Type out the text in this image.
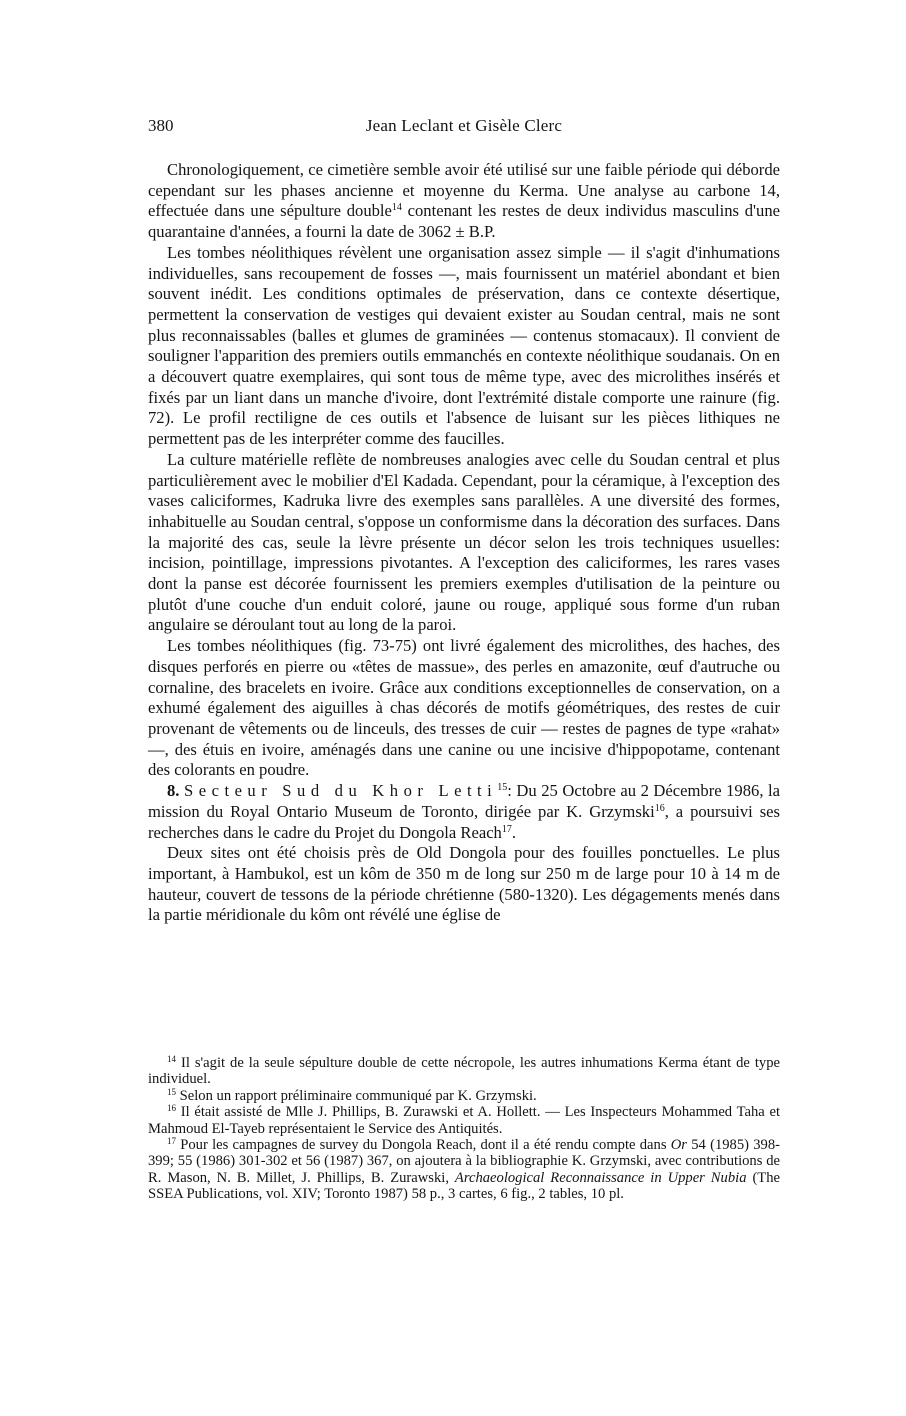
380	Jean Leclant et Gisèle Clerc

Chronologiquement, ce cimetière semble avoir été utilisé sur une faible période qui déborde cependant sur les phases ancienne et moyenne du Kerma. Une analyse au carbone 14, effectuée dans une sépulture double$^{14}$ contenant les restes de deux individus masculins d'une quarantaine d'années, a fourni la date de 3062 ± B.P.

Les tombes néolithiques révèlent une organisation assez simple — il s'agit d'inhumations individuelles, sans recoupement de fosses —, mais fournissent un matériel abondant et bien souvent inédit. Les conditions optimales de préservation, dans ce contexte désertique, permettent la conservation de vestiges qui devaient exister au Soudan central, mais ne sont plus reconnaissables (balles et glumes de graminées — contenus stomacaux). Il convient de souligner l'apparition des premiers outils emmanchés en contexte néolithique soudanais. On en a découvert quatre exemplaires, qui sont tous de même type, avec des microlithes insérés et fixés par un liant dans un manche d'ivoire, dont l'extrémité distale comporte une rainure (fig. 72). Le profil rectiligne de ces outils et l'absence de luisant sur les pièces lithiques ne permettent pas de les interpréter comme des faucilles.

La culture matérielle reflète de nombreuses analogies avec celle du Soudan central et plus particulièrement avec le mobilier d'El Kadada. Cependant, pour la céramique, à l'exception des vases caliciformes, Kadruka livre des exemples sans parallèles. A une diversité des formes, inhabituelle au Soudan central, s'oppose un conformisme dans la décoration des surfaces. Dans la majorité des cas, seule la lèvre présente un décor selon les trois techniques usuelles: incision, pointillage, impressions pivotantes. A l'exception des caliciformes, les rares vases dont la panse est décorée fournissent les premiers exemples d'utilisation de la peinture ou plutôt d'une couche d'un enduit coloré, jaune ou rouge, appliqué sous forme d'un ruban angulaire se déroulant tout au long de la paroi.

Les tombes néolithiques (fig. 73-75) ont livré également des microlithes, des haches, des disques perforés en pierre ou «têtes de massue», des perles en amazonite, œuf d'autruche ou cornaline, des bracelets en ivoire. Grâce aux conditions exceptionnelles de conservation, on a exhumé également des aiguilles à chas décorés de motifs géométriques, des restes de cuir provenant de vêtements ou de linceuls, des tresses de cuir — restes de pagnes de type «rahat» —, des étuis en ivoire, aménagés dans une canine ou une incisive d'hippopotame, contenant des colorants en poudre.

8. Secteur Sud du Khor Letti$^{15}$: Du 25 Octobre au 2 Décembre 1986, la mission du Royal Ontario Museum de Toronto, dirigée par K. Grzymski$^{16}$, a poursuivi ses recherches dans le cadre du Projet du Dongola Reach$^{17}$.

Deux sites ont été choisis près de Old Dongola pour des fouilles ponctuelles. Le plus important, à Hambukol, est un kôm de 350 m de long sur 250 m de large pour 10 à 14 m de hauteur, couvert de tessons de la période chrétienne (580-1320). Les dégagements menés dans la partie méridionale du kôm ont révélé une église de

$^{14}$ Il s'agit de la seule sépulture double de cette nécropole, les autres inhumations Kerma étant de type individuel.

$^{15}$ Selon un rapport préliminaire communiqué par K. Grzymski.

$^{16}$ Il était assisté de Mlle J. Phillips, B. Zurawski et A. Hollett. — Les Inspecteurs Mohammed Taha et Mahmoud El-Tayeb représentaient le Service des Antiquités.

$^{17}$ Pour les campagnes de survey du Dongola Reach, dont il a été rendu compte dans Or 54 (1985) 398-399; 55 (1986) 301-302 et 56 (1987) 367, on ajoutera à la bibliographie K. Grzymski, avec contributions de R. Mason, N. B. Millet, J. Phillips, B. Zurawski, Archaeological Reconnaissance in Upper Nubia (The SSEA Publications, vol. XIV; Toronto 1987) 58 p., 3 cartes, 6 fig., 2 tables, 10 pl.
